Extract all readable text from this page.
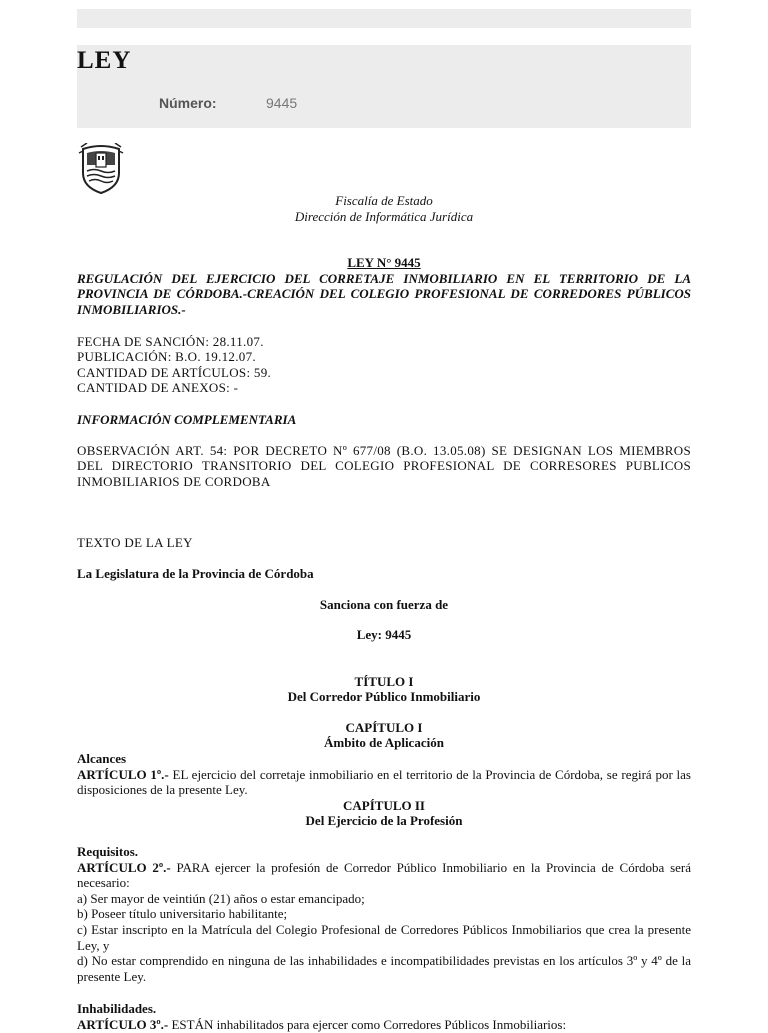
LEY
Número:	9445
Fiscalía de Estado
Dirección de Informática Jurídica
LEY N° 9445
REGULACIÓN DEL EJERCICIO DEL CORRETAJE INMOBILIARIO EN EL TERRITORIO DE LA PROVINCIA DE CÓRDOBA.-CREACIÓN DEL COLEGIO PROFESIONAL DE CORREDORES PÚBLICOS INMOBILIARIOS.-
FECHA DE SANCIÓN: 28.11.07.
PUBLICACIÓN: B.O. 19.12.07.
CANTIDAD DE ARTÍCULOS: 59.
CANTIDAD DE ANEXOS: -
INFORMACIÓN COMPLEMENTARIA
OBSERVACIÓN ART. 54: POR DECRETO Nº 677/08 (B.O. 13.05.08) SE DESIGNAN LOS MIEMBROS DEL DIRECTORIO TRANSITORIO DEL COLEGIO PROFESIONAL DE CORRESORES PUBLICOS INMOBILIARIOS DE CORDOBA
TEXTO DE LA LEY
La Legislatura de la Provincia de Córdoba
Sanciona con fuerza de
Ley: 9445
TÍTULO I
Del Corredor Público Inmobiliario
CAPÍTULO I
Ámbito de Aplicación
Alcances
ARTÍCULO 1º.- EL ejercicio del corretaje inmobiliario en el territorio de la Provincia de Córdoba, se regirá por las disposiciones de la presente Ley.
CAPÍTULO II
Del Ejercicio de la Profesión
Requisitos.
ARTÍCULO 2º.- PARA ejercer la profesión de Corredor Público Inmobiliario en la Provincia de Córdoba será necesario:
a) Ser mayor de veintiún (21) años o estar emancipado;
b) Poseer título universitario habilitante;
c) Estar inscripto en la Matrícula del Colegio Profesional de Corredores Públicos Inmobiliarios que crea la presente Ley, y
d) No estar comprendido en ninguna de las inhabilidades e incompatibilidades previstas en los artículos 3º y 4º de la presente Ley.
Inhabilidades.
ARTÍCULO 3º.- ESTÁN inhabilitados para ejercer como Corredores Públicos Inmobiliarios:
